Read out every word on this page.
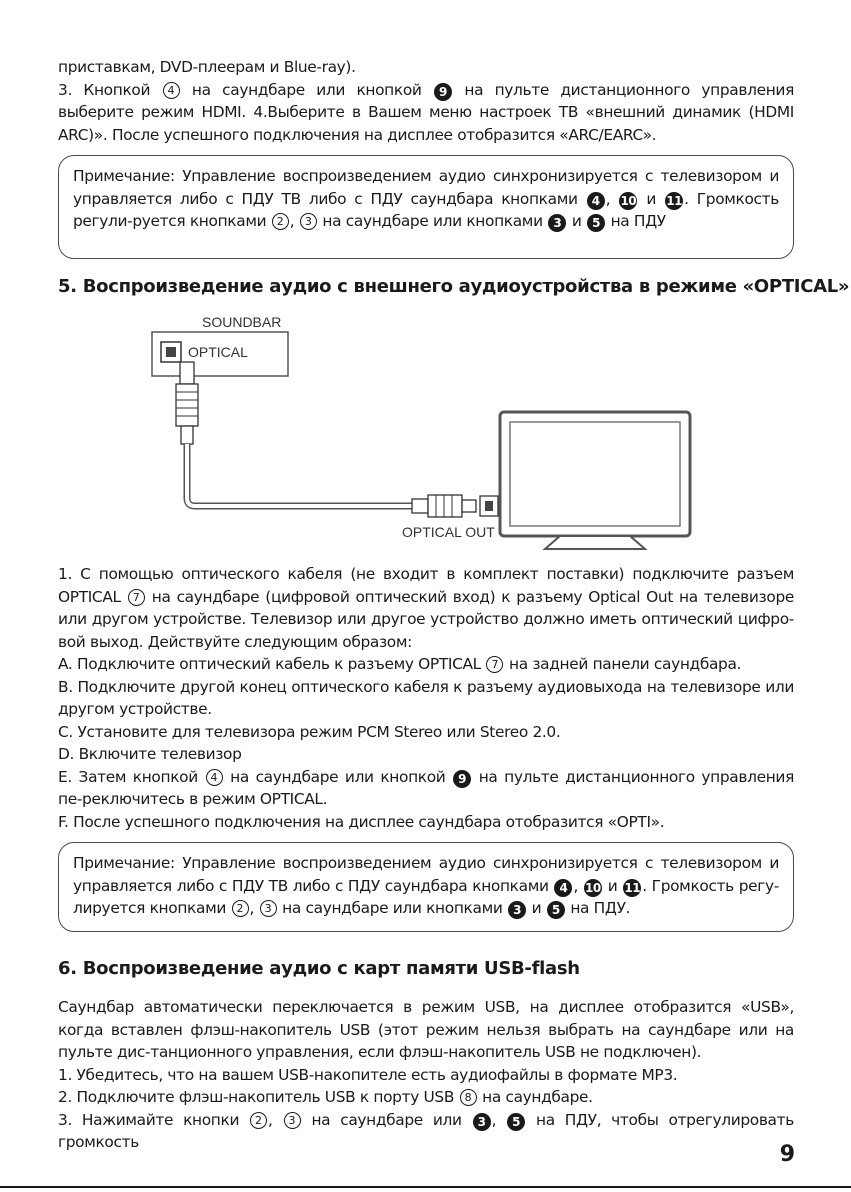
приставкам, DVD-плеерам и Blue-ray).
3. Кнопкой 4 на саундбаре или кнопкой 9 на пульте дистанционного управления выберите режим HDMI. 4.Выберите в Вашем меню настроек ТВ «внешний динамик (HDMI ARC)». После успешного подключения на дисплее отобразится «ARC/EARC».

Примечание: Управление воспроизведением аудио синхронизируется с телевизором и управляется либо с ПДУ ТВ либо с ПДУ саундбара кнопками 4 , 10 и 11 . Громкость регули-руется кнопками 2 , 3 на саундбаре или кнопками 3 и 5 на ПДУ

5. Воспроизведение аудио с внешнего аудиоустройства в режиме «OPTICAL»
SOUNDBAR
OPTICAL
OPTICAL OUT

1. С помощью оптического кабеля (не входит в комплект поставки) подключите разъем OPTICAL 7 на саундбаре (цифровой оптический вход) к разъему Optical Out на телевизоре или другом устройстве. Телевизор или другое устройство должно иметь оптический цифро-вой выход. Действуйте следующим образом:
A. Подключите оптический кабель к разъему OPTICAL 7 на задней панели саундбара.
B. Подключите другой конец оптического кабеля к разъему аудиовыхода на телевизоре или другом устройстве.
C. Установите для телевизора режим PCM Stereo или Stereo 2.0.
D. Включите телевизор
E. Затем кнопкой 4 на саундбаре или кнопкой 9 на пульте дистанционного управления пе-реключитесь в режим OPTICAL.
F. После успешного подключения на дисплее саундбара отобразится «OPTI».

Примечание: Управление воспроизведением аудио синхронизируется с телевизором и управляется либо с ПДУ ТВ либо с ПДУ саундбара кнопками 4 , 10 и 11 . Громкость регу-лируется кнопками 2 , 3 на саундбаре или кнопками 3 и 5 на ПДУ.

6. Воспроизведение аудио с карт памяти USB-flash

Саундбар автоматически переключается в режим USB, на дисплее отобразится «USB», когда вставлен флэш-накопитель USB (этот режим нельзя выбрать на саундбаре или на пульте дис-танционного управления, если флэш-накопитель USB не подключен).
1. Убедитесь, что на вашем USB-накопителе есть аудиофайлы в формате MP3.
2. Подключите флэш-накопитель USB к порту USB 8 на саундбаре.
3. Нажимайте кнопки 2 , 3 на саундбаре или 3 , 5 на ПДУ, чтобы отрегулировать громкость	9
